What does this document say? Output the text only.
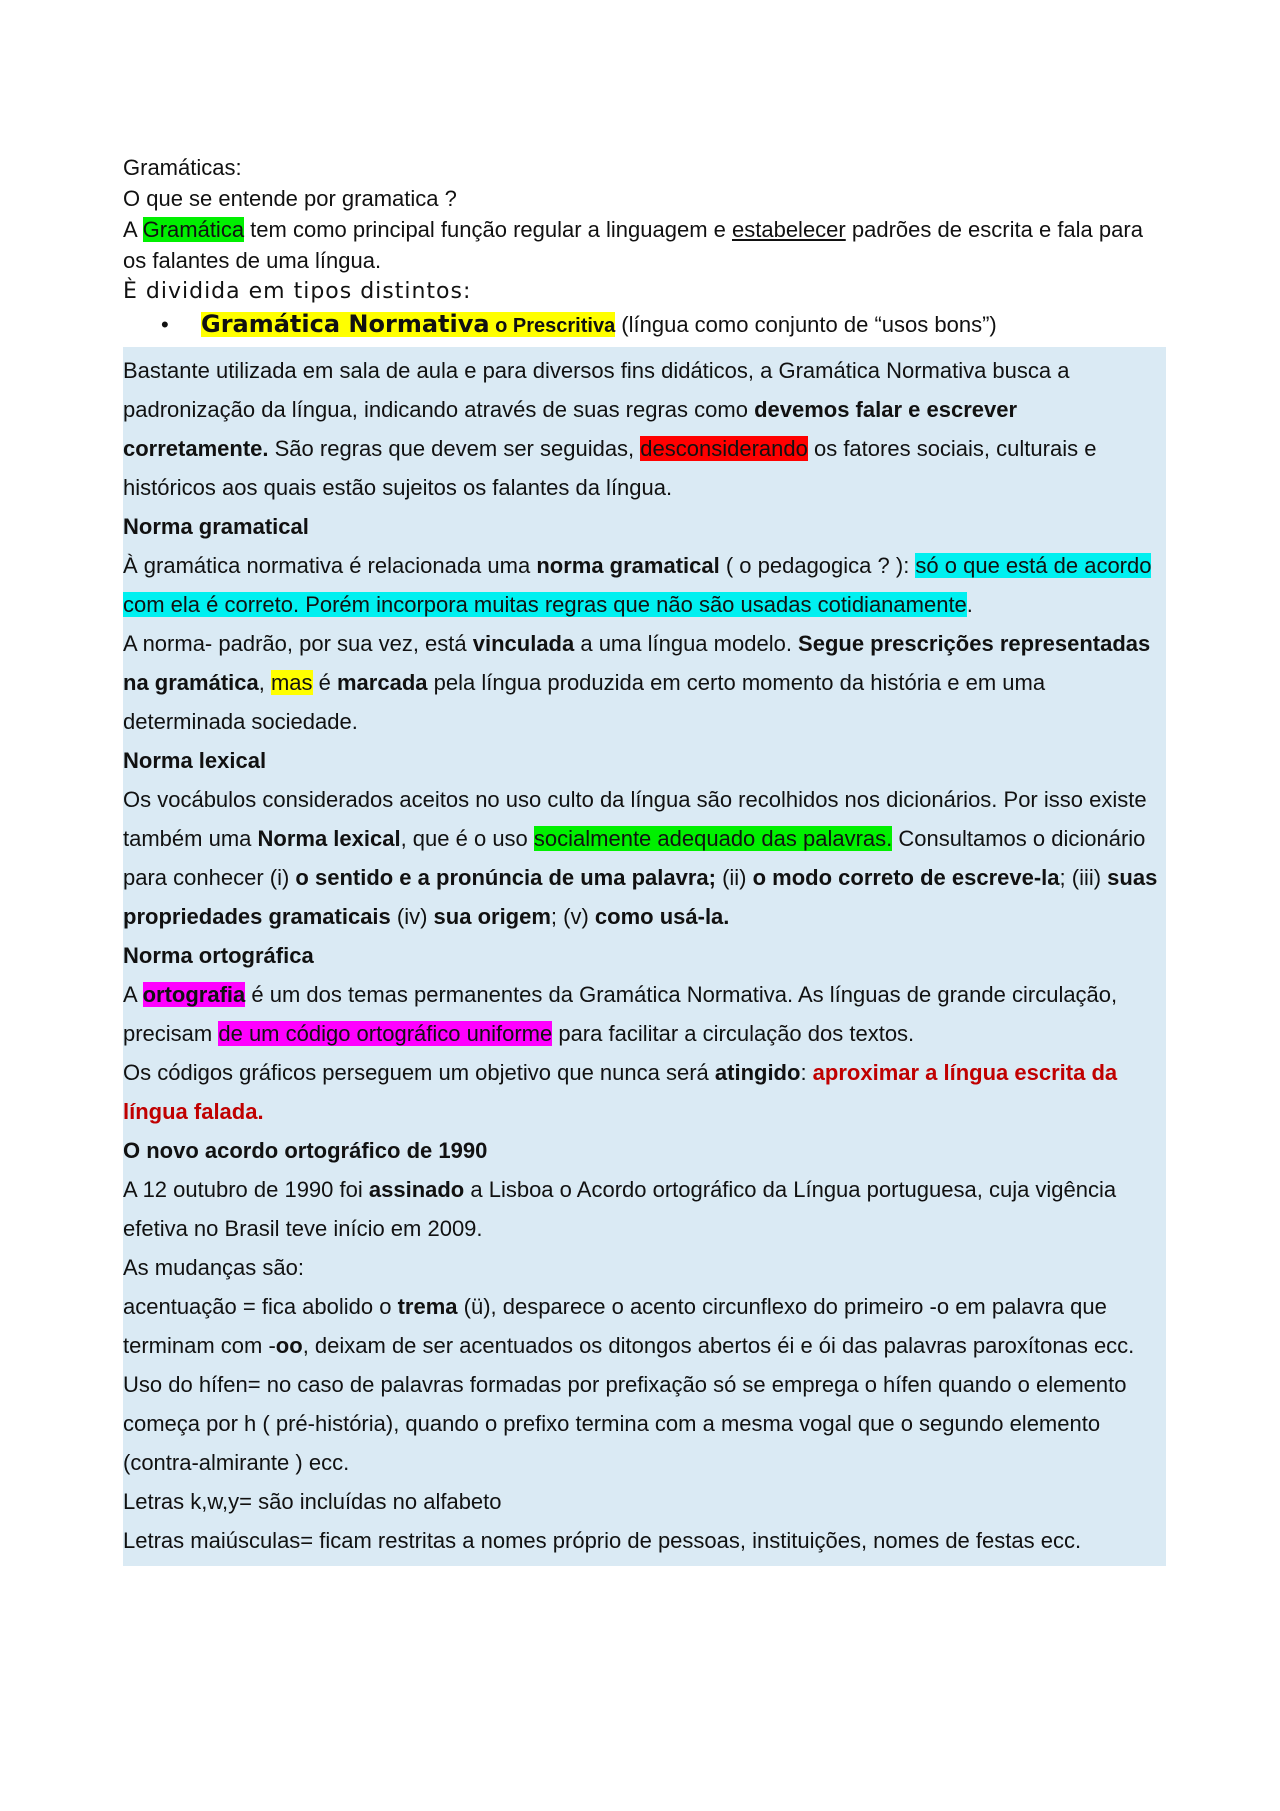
Gramáticas:

O que se entende por gramatica ?

A Gramática tem como principal função regular a linguagem e estabelecer padrões de escrita e fala para os falantes de uma língua.

È dividida em tipos distintos:

• Gramática Normativa o Prescritiva (língua como conjunto de “usos bons”)

Bastante utilizada em sala de aula e para diversos fins didáticos, a Gramática Normativa busca a padronização da língua, indicando através de suas regras como devemos falar e escrever corretamente. São regras que devem ser seguidas, desconsiderando os fatores sociais, culturais e históricos aos quais estão sujeitos os falantes da língua.

Norma gramatical

À gramática normativa é relacionada uma norma gramatical ( o pedagogica ? ): só o que está de acordo com ela é correto. Porém incorpora muitas regras que não são usadas cotidianamente.

A norma- padrão, por sua vez, está vinculada a uma língua modelo. Segue prescrições representadas na gramática, mas é marcada pela língua produzida em certo momento da história e em uma determinada sociedade.

Norma lexical

Os vocábulos considerados aceitos no uso culto da língua são recolhidos nos dicionários. Por isso existe também uma Norma lexical, que é o uso socialmente adequado das palavras. Consultamos o dicionário para conhecer (i) o sentido e a pronúncia de uma palavra; (ii) o modo correto de escreve-la; (iii) suas propriedades gramaticais (iv) sua origem; (v) como usá-la.

Norma ortográfica

A ortografia é um dos temas permanentes da Gramática Normativa. As línguas de grande circulação, precisam de um código ortográfico uniforme para facilitar a circulação dos textos.

Os códigos gráficos perseguem um objetivo que nunca será atingido: aproximar a língua escrita da língua falada.

O novo acordo ortográfico de 1990

A 12 outubro de 1990 foi assinado a Lisboa o Acordo ortográfico da Língua portuguesa, cuja vigência efetiva no Brasil teve início em 2009.

As mudanças são:

acentuação = fica abolido o trema (ü), desparece o acento circunflexo do primeiro -o em palavra que terminam com -oo, deixam de ser acentuados os ditongos abertos éi e ói das palavras paroxítonas ecc.

Uso do hífen= no caso de palavras formadas por prefixação só se emprega o hífen quando o elemento começa por h ( pré-história), quando o prefixo termina com a mesma vogal que o segundo elemento (contra-almirante ) ecc.

Letras k,w,y= são incluídas no alfabeto

Letras maiúsculas= ficam restritas a nomes próprio de pessoas, instituições, nomes de festas ecc.
